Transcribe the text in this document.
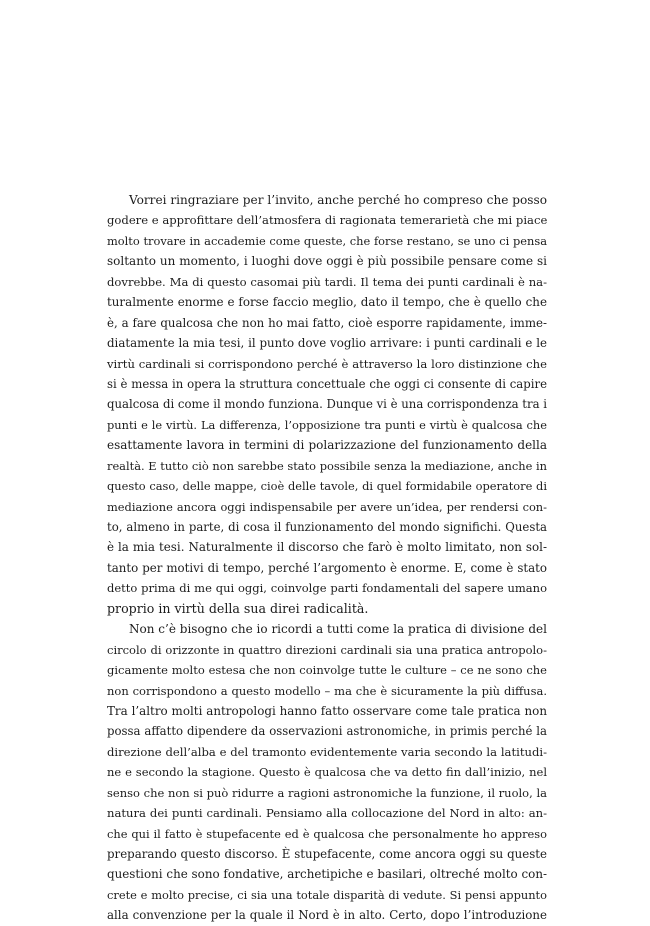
Vorrei ringraziare per l’invito, anche perché ho compreso che posso
godere e approfittare dell’atmosfera di ragionata temerarietà che mi piace
molto trovare in accademie come queste, che forse restano, se uno ci pensa
soltanto un momento, i luoghi dove oggi è più possibile pensare come si
dovrebbe. Ma di questo casomai più tardi. Il tema dei punti cardinali è na-
turalmente enorme e forse faccio meglio, dato il tempo, che è quello che
è, a fare qualcosa che non ho mai fatto, cioè esporre rapidamente, imme-
diatamente la mia tesi, il punto dove voglio arrivare: i punti cardinali e le
virtù cardinali si corrispondono perché è attraverso la loro distinzione che
si è messa in opera la struttura concettuale che oggi ci consente di capire
qualcosa di come il mondo funziona. Dunque vi è una corrispondenza tra i
punti e le virtù. La differenza, l’opposizione tra punti e virtù è qualcosa che
esattamente lavora in termini di polarizzazione del funzionamento della
realtà. E tutto ciò non sarebbe stato possibile senza la mediazione, anche in
questo caso, delle mappe, cioè delle tavole, di quel formidabile operatore di
mediazione ancora oggi indispensabile per avere un’idea, per rendersi con-
to, almeno in parte, di cosa il funzionamento del mondo significhi. Questa
è la mia tesi. Naturalmente il discorso che farò è molto limitato, non sol-
tanto per motivi di tempo, perché l’argomento è enorme. E, come è stato
detto prima di me qui oggi, coinvolge parti fondamentali del sapere umano
proprio in virtù della sua direi radicalità.
Non c’è bisogno che io ricordi a tutti come la pratica di divisione del
circolo di orizzonte in quattro direzioni cardinali sia una pratica antropolo-
gicamente molto estesa che non coinvolge tutte le culture – ce ne sono che
non corrispondono a questo modello – ma che è sicuramente la più diffusa.
Tra l’altro molti antropologi hanno fatto osservare come tale pratica non
possa affatto dipendere da osservazioni astronomiche, in primis perché la
direzione dell’alba e del tramonto evidentemente varia secondo la latitudi-
ne e secondo la stagione. Questo è qualcosa che va detto fin dall’inizio, nel
senso che non si può ridurre a ragioni astronomiche la funzione, il ruolo, la
natura dei punti cardinali. Pensiamo alla collocazione del Nord in alto: an-
che qui il fatto è stupefacente ed è qualcosa che personalmente ho appreso
preparando questo discorso. È stupefacente, come ancora oggi su queste
questioni che sono fondative, archetipiche e basilari, oltreché molto con-
crete e molto precise, ci sia una totale disparità di vedute. Si pensi appunto
alla convenzione per la quale il Nord è in alto. Certo, dopo l’introduzione
